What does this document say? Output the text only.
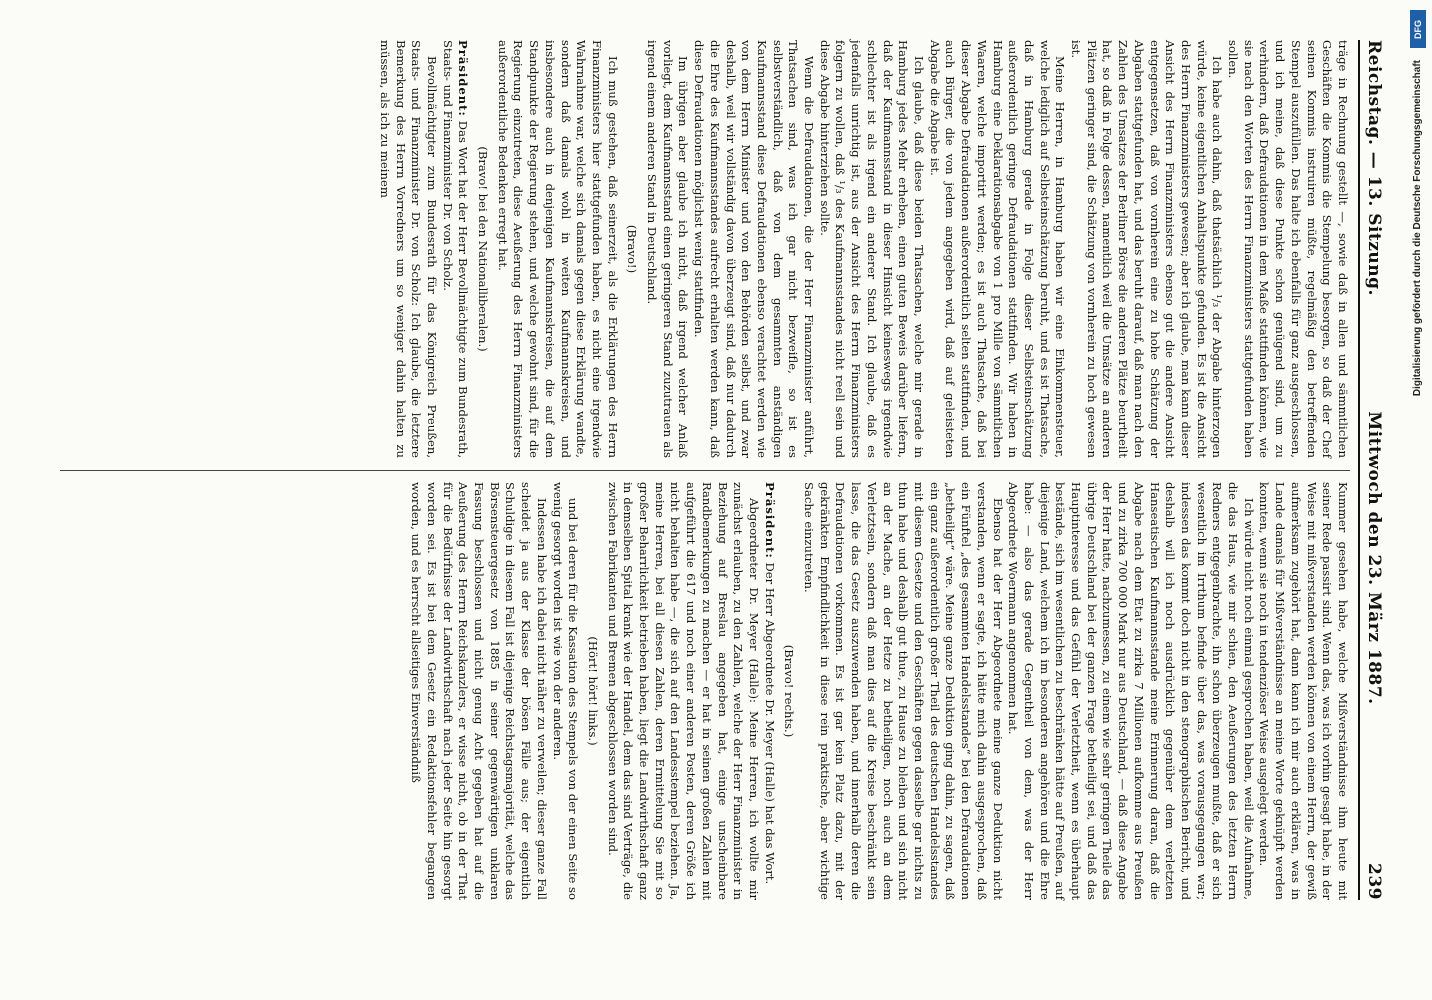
Reichstag. — 13. Sitzung.
Mittwoch den 23. März 1887.
239

träge in Rechnung gestellt —, sowie daß in allen und sämmtlichen Geschäften die Kommis die Stempelung besorgen, so daß der Chef seinen Kommis instruiren müßte, regelmäßig den betreffenden Stempel auszufüllen. Das halte ich ebenfalls für ganz ausgeschlossen, und ich meine, daß diese Punkte schon genügend sind, um zu verhindern, daß Defraudationen in dem Maße stattfinden können, wie sie nach den Worten des Herrn Finanzministers stattgefunden haben sollen.

Ich habe auch dahin, daß thatsächlich ¹/₃ der Abgabe hinterzogen würde, keine eigentlichen Anhaltspunkte gefunden. Es ist die Ansicht des Herrn Finanzministers gewesen; aber ich glaube, man kann dieser Ansicht des Herrn Finanzministers ebenso gut die andere Ansicht entgegensetzen, daß von vornherein eine zu hohe Schätzung der Abgaben stattgefunden hat, und das beruht darauf, daß man nach den Zahlen des Umsatzes der Berliner Börse die anderen Plätze beurtheilt hat, so daß in Folge dessen, namentlich weil die Umsätze an anderen Plätzen geringer sind, die Schätzung von vornherein zu hoch gewesen ist.

Meine Herren, in Hamburg haben wir eine Einkommensteuer, welche lediglich auf Selbsteinschätzung beruht, und es ist Thatsache, daß in Hamburg gerade in Folge dieser Selbsteinschätzung außerordentlich geringe Defraudationen stattfinden. Wir haben in Hamburg eine Deklarationsabgabe von 1 pro Mille von sämmtlichen Waaren, welche importirt werden; es ist auch Thatsache, daß bei dieser Abgabe Defraudationen außerordentlich selten stattfinden, und auch Bürger, die von jedem angegeben wird, daß auf geleisteten Abgabe die Abgabe ist.

Ich glaube, daß diese beiden Thatsachen, welche mir gerade in Hamburg jedes Mehr erheben, einen guten Beweis darüber liefern, daß der Kaufmannsstand in dieser Hinsicht keineswegs irgendwie schlechter ist als irgend ein anderer Stand. Ich glaube, daß es jedenfalls unrichtig ist, aus der Ansicht des Herrn Finanzministers folgern zu wollen, daß ¹/₃ des Kaufmannsstandes nicht reell sein und diese Abgabe hinterziehen sollte.

Wenn die Defraudationen, die der Herr Finanzminister anführt, Thatsachen sind, was ich gar nicht bezweifle, so ist es selbstverständlich, daß von dem gesammten anständigen Kaufmannsstand diese Defraudationen ebenso verachtet werden wie von dem Herrn Minister und von den Behörden selbst, und zwar deshalb, weil wir vollständig davon überzeugt sind, daß nur dadurch die Ehre des Kaufmannsstandes aufrecht erhalten werden kann, daß diese Defraudationen möglichst wenig stattfinden.

Im übrigen aber glaube ich nicht, daß irgend welcher Anlaß vorliegt, dem Kaufmannsstand einen geringeren Stand zuzutrauen als irgend einem anderen Stand in Deutschland.

(Bravo!)

Ich muß gestehen, daß seinerzeit, als die Erklärungen des Herrn Finanzministers hier stattgefunden haben, es nicht eine irgendwie Wahrnahme war, welche sich damals gegen diese Erklärung wandte, sondern daß damals wohl in weiten Kaufmannskreisen, und insbesondere auch in denjenigen Kaufmannskreisen, die auf dem Standpunkte der Regierung stehen, und welche gewohnt sind, für die Regierung einzutreten, diese Aeußerung des Herrn Finanzministers außerordentliche Bedenken erregt hat.

(Bravo! bei den Nationalliberalen.)

Präsident: Das Wort hat der Herr Bevollmächtigte zum Bundesrath, Staats- und Finanzminister Dr. von Scholz.

Bevollmächtigter zum Bundesrath für das Königreich Preußen, Staats- und Finanzminister Dr. von Scholz: Ich glaube, die letztere Bemerkung des Herrn Vorredners um so weniger dahin halten zu müssen, als ich zu meinem

Kummer gesehen habe, welche Mißverständnisse ihm heute mit seiner Rede passirt sind. Wenn das, was ich vorhin gesagt habe, in der Weise mit mißverstanden werden können von einem Herrn, der gewiß aufmerksam zugehört hat, dann kann ich mir auch erklären, was in Lande damals für Mißverständnisse an meine Worte geknüpft werden konnten, wenn sie noch in tendenziöser Weise ausgelegt werden.

Ich würde nicht noch einmal gesprochen haben, weil die Aufnahme, die das Haus, wie mir schien, den Aeußerungen des letzten Herrn Redners entgegenbrachte, ihn schon überzeugen mußte, daß er sich wesentlich im Irrthum befinde über das, was vorausgegangen war; indessen das kommt doch nicht in den stenographischen Bericht, und deshalb will ich noch ausdrücklich gegenüber dem verletzten Hanseatischen Kaufmannsstande meine Erinnerung daran, daß die Abgabe nach dem Etat zu zirka 7 Millionen aufkomme aus Preußen und zu zirka 700 000 Mark nur aus Deutschland, — daß diese Angabe der Herr hatte, nachzumessen, zu einem wie sehr geringen Theile das übrige Deutschland bei der ganzen Frage betheiligt sei, und daß das Hauptinteresse und das Gefühl der Verletztheit, wenn es überhaupt bestände, sich im wesentlichen zu beschränken hätte auf Preußen, auf diejenige Land, welchem ich im besonderen angehören und die Ehre habe: — also das gerade Gegentheil von dem, was der Herr Abgeordnete Woermann angenommen hat.

Ebenso hat der Herr Abgeordnete meine ganze Deduktion nicht verstanden, wenn er sagte, ich hätte mich dahin ausgesprochen, daß ein Fünftel „des gesammten Handelsstandes“ bei den Defraudationen „betheiligt“ wäre. Meine ganze Deduktion ging dahin, zu sagen, daß ein ganz außerordentlich großer Theil des deutschen Handelsstandes mit diesem Gesetze und den Geschäften gegen dasselbe gar nichts zu thun habe und deshalb gut thue, zu Hause zu bleiben und sich nicht an der Mache, an der Hetze zu betheiligen, noch auch an dem Verletztsein, sondern daß man dies auf die Kreise beschränkt sein lasse, die das Gesetz auszuwenden haben, und innerhalb deren die Defraudationen vorkommen. Es ist gar kein Platz dazu, mit der gekränkten Empfindlichkeit in diese rein praktische, aber wichtige Sache einzutreten.

(Bravo! rechts.)

Präsident: Der Herr Abgeordnete Dr. Meyer (Halle) hat das Wort.

Abgeordneter Dr. Meyer (Halle): Meine Herren, ich wollte mir zunächst erlauben, zu den Zahlen, welche der Herr Finanzminister in Beziehung auf Breslau angegeben hat, einige unscheinbare Randbemerkungen zu machen — er hat in seinen großen Zahlen mit aufgeführt die 617 und noch einer anderen Posten, deren Größe ich nicht behalten habe —, die sich auf den Landesstempel beziehen. Ja, meine Herren, bei all diesen Zahlen, deren Ermittelung Sie mit so großer Beharrlichkeit betrieben haben, liegt die Landwirthschaft ganz in demselben Spital krank wie der Handel, dem das sind Verträge, die zwischen Fabrikanten und Bremen abgeschlossen worden sind.

(Hört! hört! links.)

und bei deren für die Kassation des Stempels von der einen Seite so wenig gesorgt worden ist wie von der anderen.

Indessen habe ich dabei nicht näher zu verweilen; dieser ganze Fall scheidet ja aus der Klasse der bösen Fälle aus; der eigentlich Schuldige in diesem Fall ist diejenige Reichstagsmajorität, welche das Börsensteuergesetz von 1885 in seiner gegenwärtigen unklaren Fassung beschlossen und nicht genug Acht gegeben hat auf die Aeußerung des Herrn Reichskanzlers, er wisse nicht, ob in der That für die Bedürfnisse der Landwirthschaft nach jeder Seite hin gesorgt worden sei. Es ist bei dem Gesetz ein Redaktionsfehler begangen worden, und es herrscht allseitiges Einverständniß

DFG
Digitalisierung gefördert durch die Deutsche Forschungsgemeinschaft
